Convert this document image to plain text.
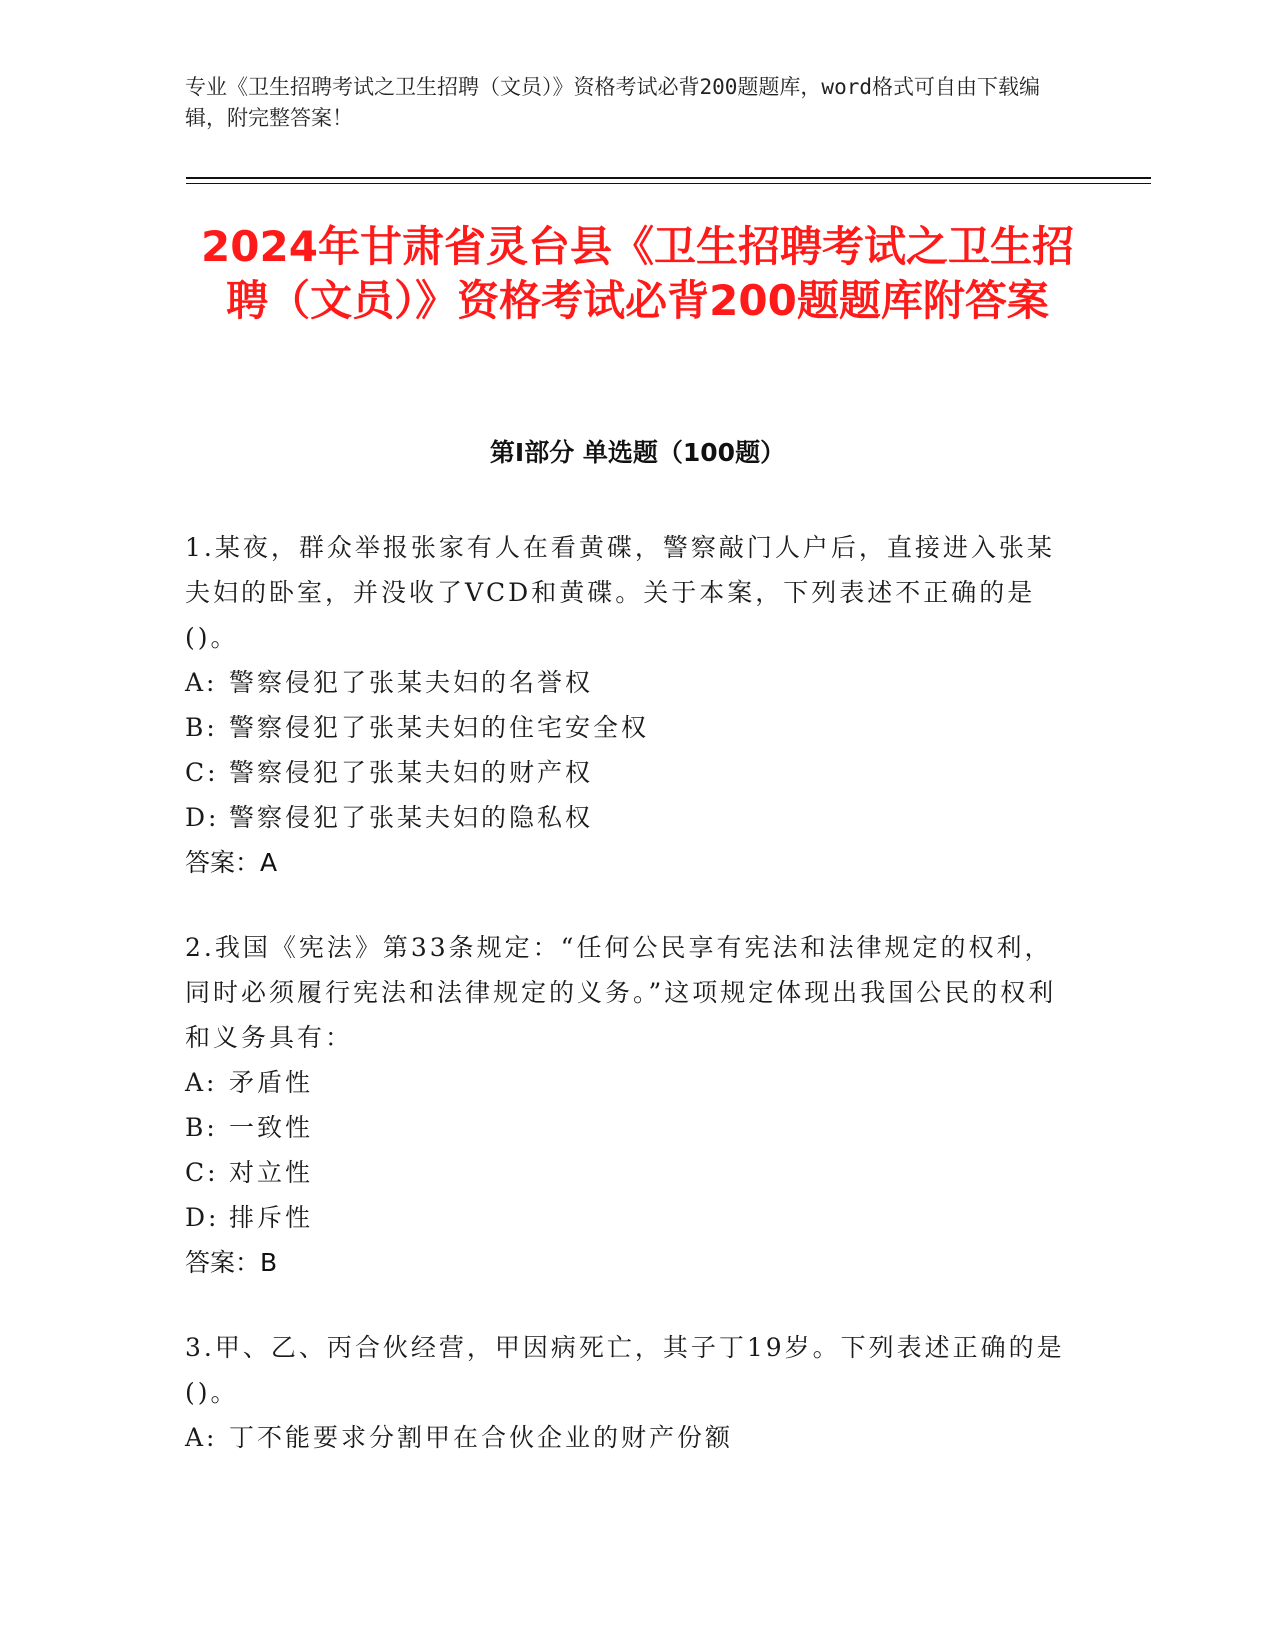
专业《卫生招聘考试之卫生招聘（文员）》资格考试必背200题题库，word格式可自由下载编辑，附完整答案！
2024年甘肃省灵台县《卫生招聘考试之卫生招聘（文员）》资格考试必背200题题库附答案
第I部分 单选题（100题）

1.某夜，群众举报张家有人在看黄碟，警察敲门人户后，直接进入张某夫妇的卧室，并没收了VCD和黄碟。关于本案，下列表述不正确的是()。

A: 警察侵犯了张某夫妇的名誉权
B: 警察侵犯了张某夫妇的住宅安全权
C: 警察侵犯了张某夫妇的财产权
D: 警察侵犯了张某夫妇的隐私权

答案：A

2.我国《宪法》第33条规定：“任何公民享有宪法和法律规定的权利，同时必须履行宪法和法律规定的义务。”这项规定体现出我国公民的权利和义务具有：

A: 矛盾性
B: 一致性
C: 对立性
D: 排斥性

答案：B

3.甲、乙、丙合伙经营，甲因病死亡，其子丁19岁。下列表述正确的是()。

A: 丁不能要求分割甲在合伙企业的财产份额
